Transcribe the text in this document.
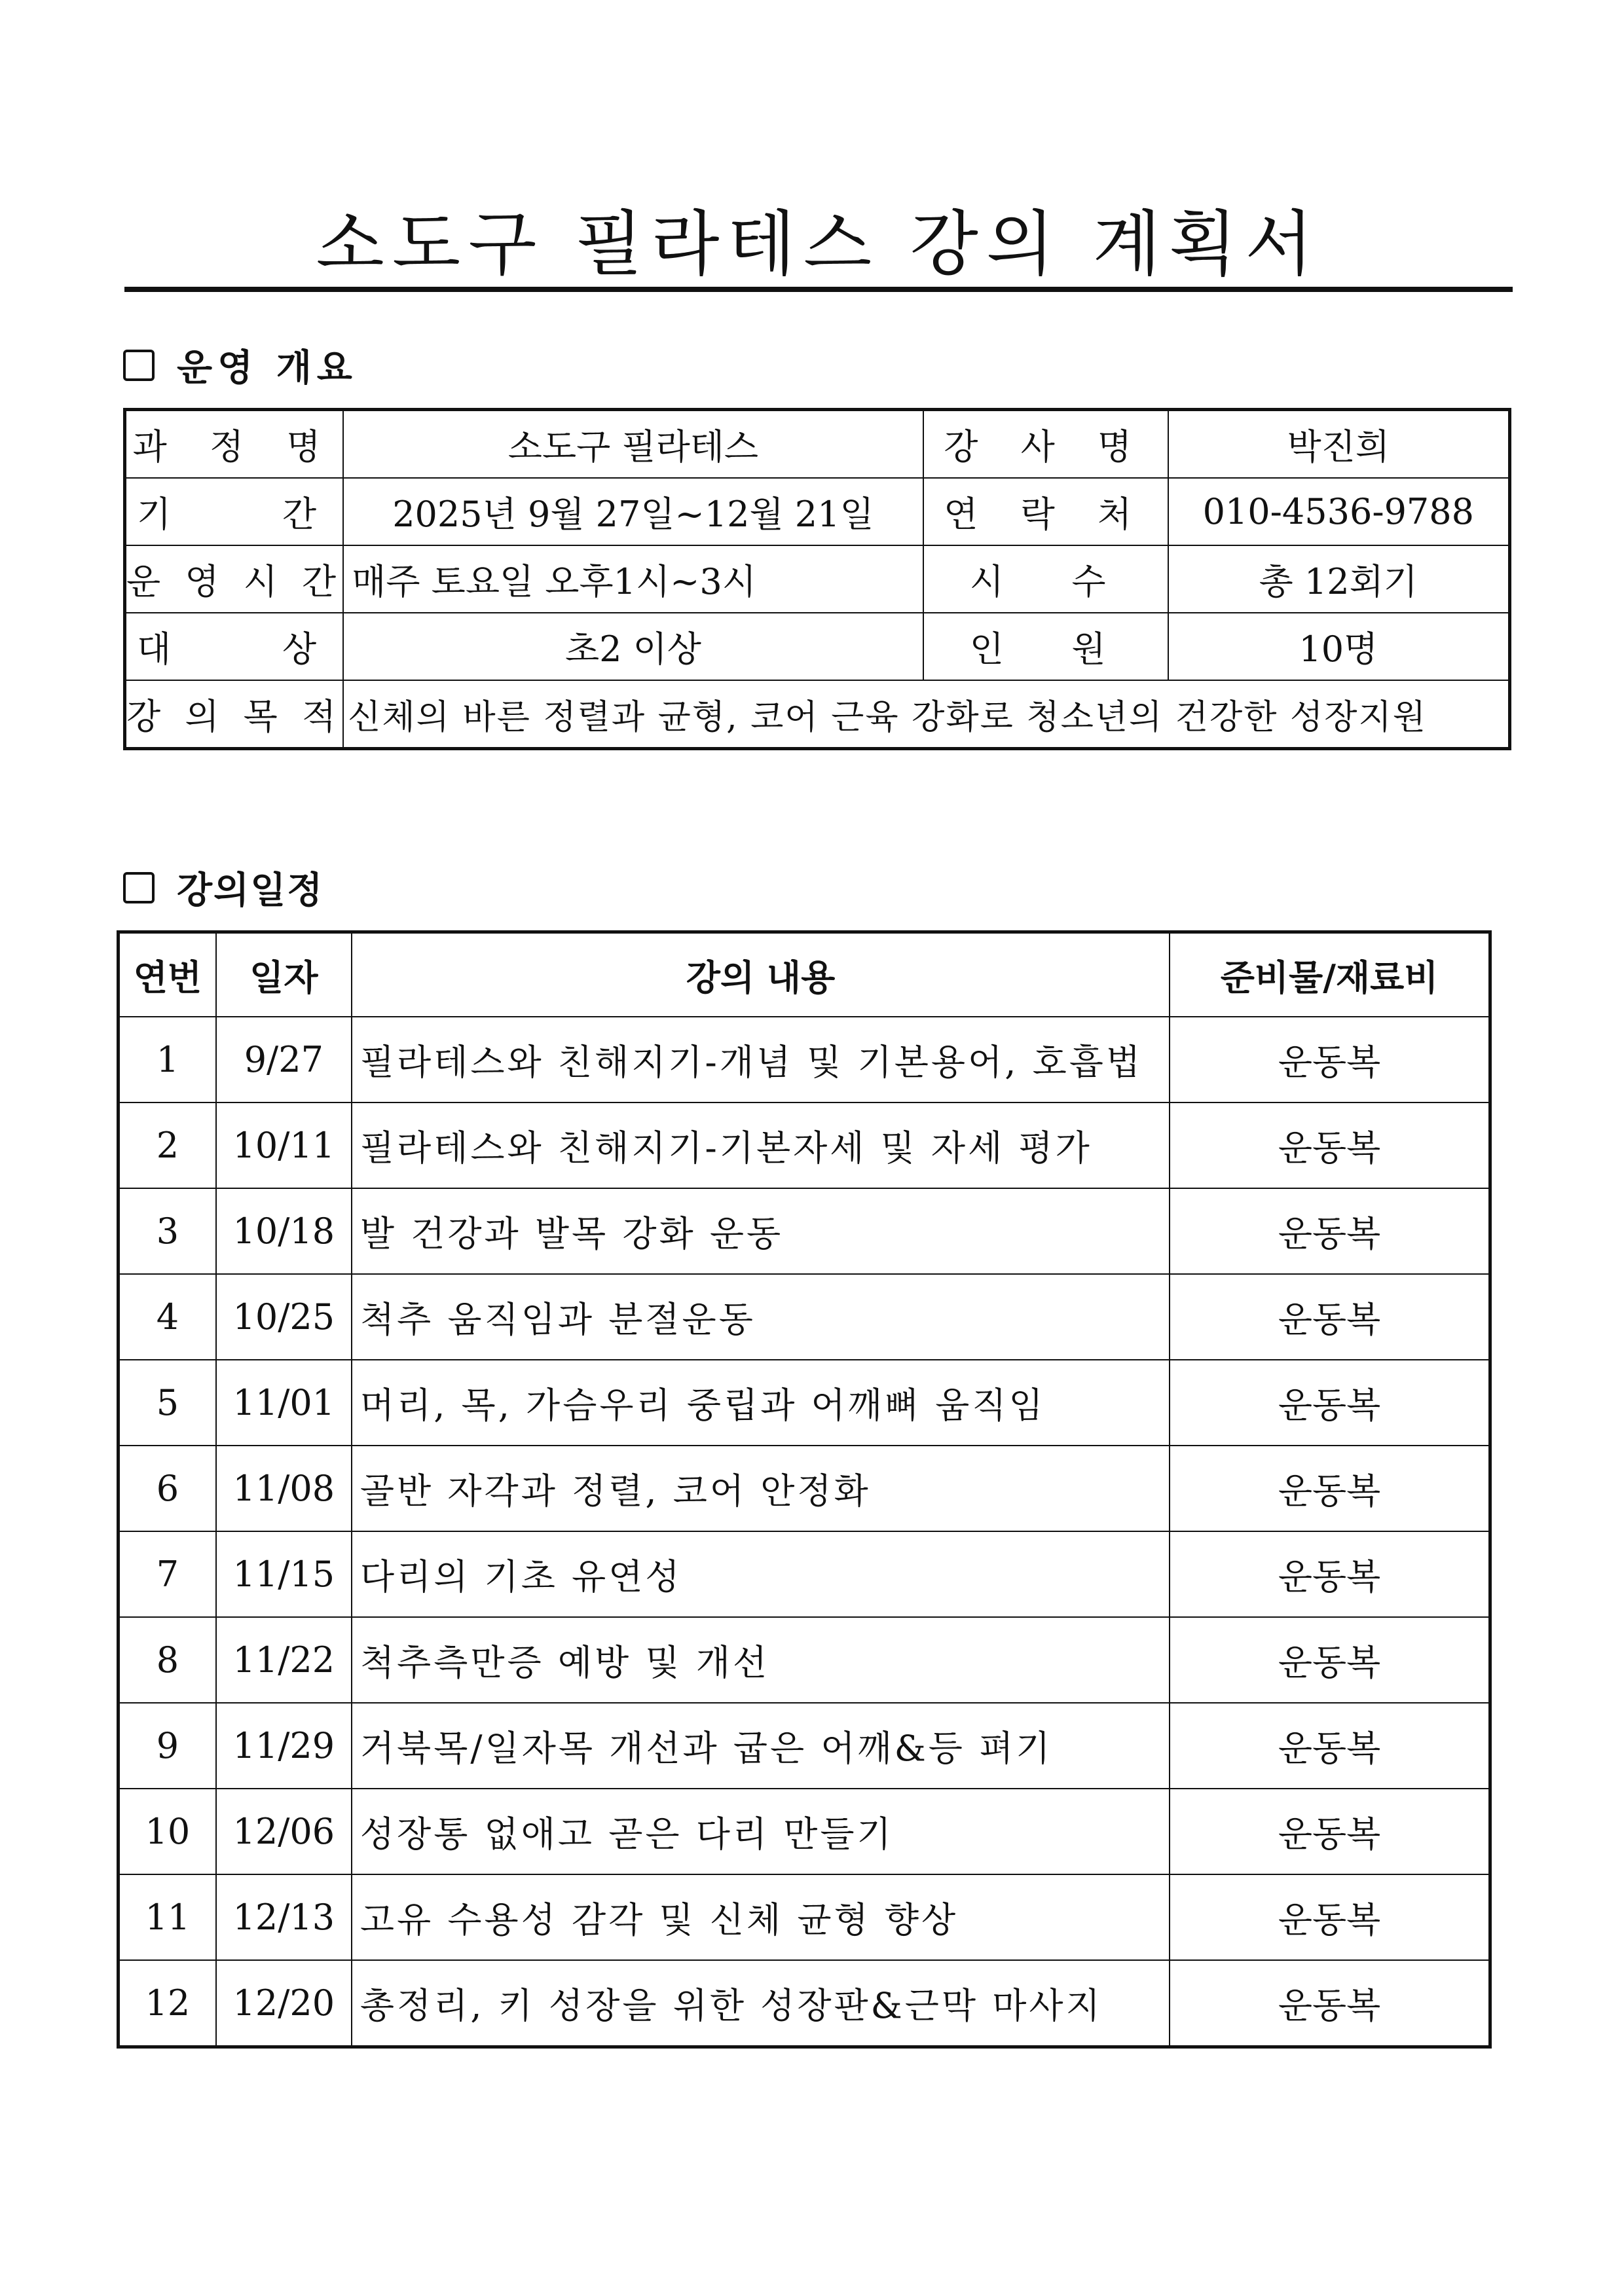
소도구 필라테스 강의 계획서
운영 개요
과 정 명	소도구 필라테스	강 사 명	박진희
기 간	2025년 9월 27일~12월 21일	연 락 처	010-4536-9788
운 영 시 간	매주 토요일 오후1시~3시	시 수	총 12회기
대 상	초2 이상	인 원	10명
강 의 목 적	신체의 바른 정렬과 균형, 코어 근육 강화로 청소년의 건강한 성장지원		
강의일정
연번	일자	강의 내용	준비물/재료비
1	9/27	필라테스와 친해지기-개념 및 기본용어, 호흡법	운동복
2	10/11	필라테스와 친해지기-기본자세 및 자세 평가	운동복
3	10/18	발 건강과 발목 강화 운동	운동복
4	10/25	척추 움직임과 분절운동	운동복
5	11/01	머리, 목, 가슴우리 중립과 어깨뼈 움직임	운동복
6	11/08	골반 자각과 정렬, 코어 안정화	운동복
7	11/15	다리의 기초 유연성	운동복
8	11/22	척추측만증 예방 및 개선	운동복
9	11/29	거북목/일자목 개선과 굽은 어깨&등 펴기	운동복
10	12/06	성장통 없애고 곧은 다리 만들기	운동복
11	12/13	고유 수용성 감각 및 신체 균형 향상	운동복
12	12/20	총정리, 키 성장을 위한 성장판&근막 마사지	운동복
